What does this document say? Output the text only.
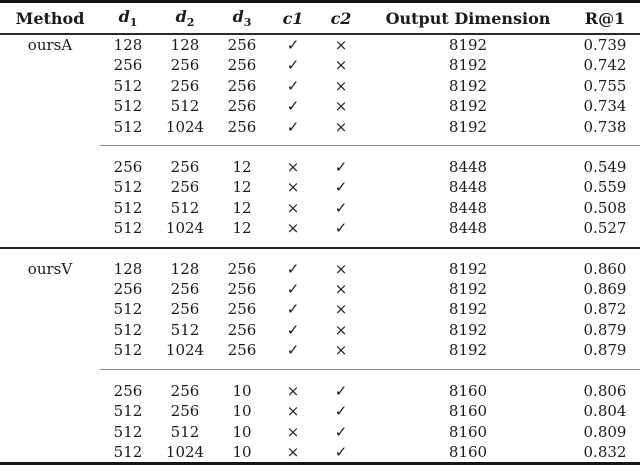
Method	$d_1$	$d_2$	$d_3$	c1	c2	Output Dimension	R@1
oursA	128	128	256	✓	×	8192	0.739
	256	256	256	✓	×	8192	0.742
	512	256	256	✓	×	8192	0.755
	512	512	256	✓	×	8192	0.734
	512	1024	256	✓	×	8192	0.738

	256	256	12	×	✓	8448	0.549
	512	256	12	×	✓	8448	0.559
	512	512	12	×	✓	8448	0.508
	512	1024	12	×	✓	8448	0.527

oursV	128	128	256	✓	×	8192	0.860
	256	256	256	✓	×	8192	0.869
	512	256	256	✓	×	8192	0.872
	512	512	256	✓	×	8192	0.879
	512	1024	256	✓	×	8192	0.879

	256	256	10	×	✓	8160	0.806
	512	256	10	×	✓	8160	0.804
	512	512	10	×	✓	8160	0.809
	512	1024	10	×	✓	8160	0.832
